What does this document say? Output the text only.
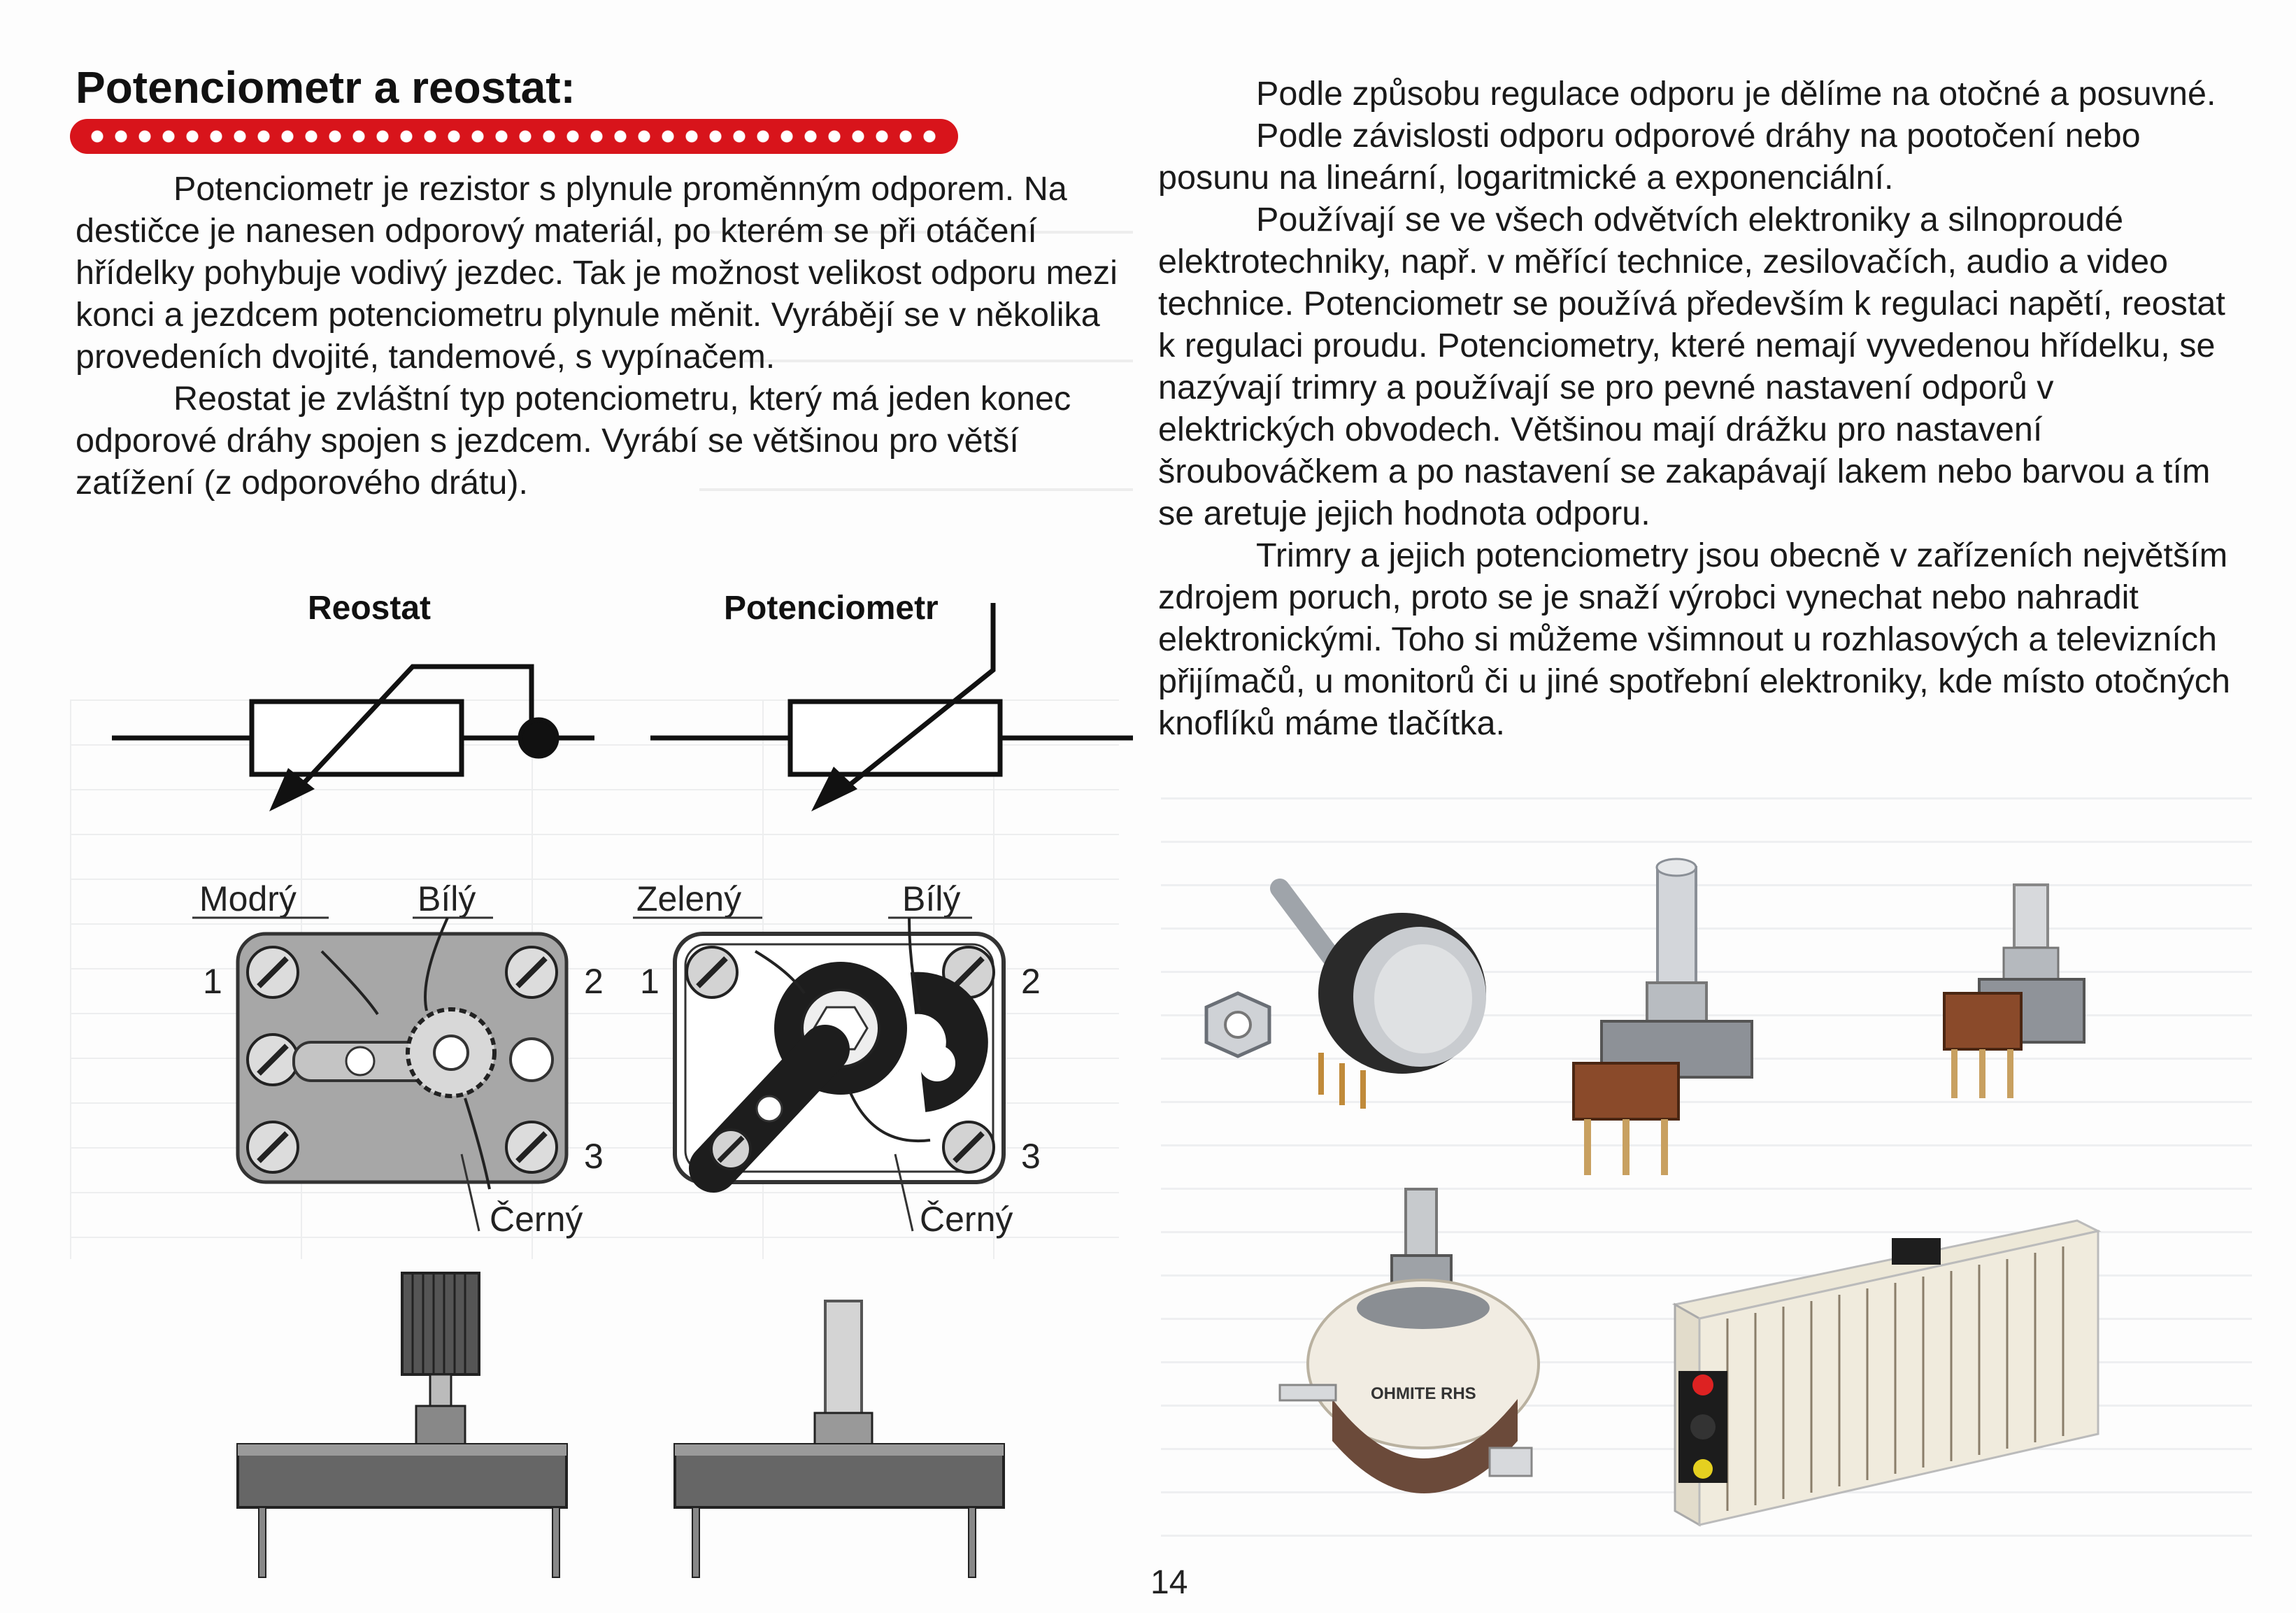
Potenciometr a reostat:

Potenciometr je rezistor s plynule proměnným odporem. Na destičce je nanesen odporový materiál, po kterém se při otáčení hřídelky pohybuje vodivý jezdec. Tak je možnost velikost odporu mezi konci a jezdcem potenciometru plynule měnit. Vyrábějí se v několika provedeních dvojité, tandemové, s vypínačem.

Reostat je zvláštní typ potenciometru, který má jeden konec odporové dráhy spojen s jezdcem. Vyrábí se většinou pro větší zatížení (z odporového drátu).

Reostat	Potenciometr
Modrý	Bílý
1	2
3
Černý
Zelený	Bílý
1	2
3
Černý

Podle způsobu regulace odporu je dělíme na otočné a posuvné.

Podle závislosti odporu odporové dráhy na pootočení nebo posunu na lineární, logaritmické a exponenciální.

Používají se ve všech odvětvích elektroniky a silnoproudé elektrotechniky, např. v měřící technice, zesilovačích, audio a video technice. Potenciometr se používá především k regulaci napětí, reostat k regulaci proudu. Potenciometry, které nemají vyvedenou hřídelku, se nazývají trimry a používají se pro pevné nastavení odporů v elektrických obvodech. Většinou mají drážku pro nastavení šroubováčkem a po nastavení se zakapávají lakem nebo barvou a tím se aretuje jejich hodnota odporu.

Trimry a jejich potenciometry jsou obecně v zařízeních největším zdrojem poruch, proto se je snaží výrobci vynechat nebo nahradit elektronickými. Toho si můžeme všimnout u rozhlasových a televizních přijímačů, u monitorů či u jiné spotřební elektroniky, kde místo otočných knoflíků máme tlačítka.

OHMITE RHS
14
